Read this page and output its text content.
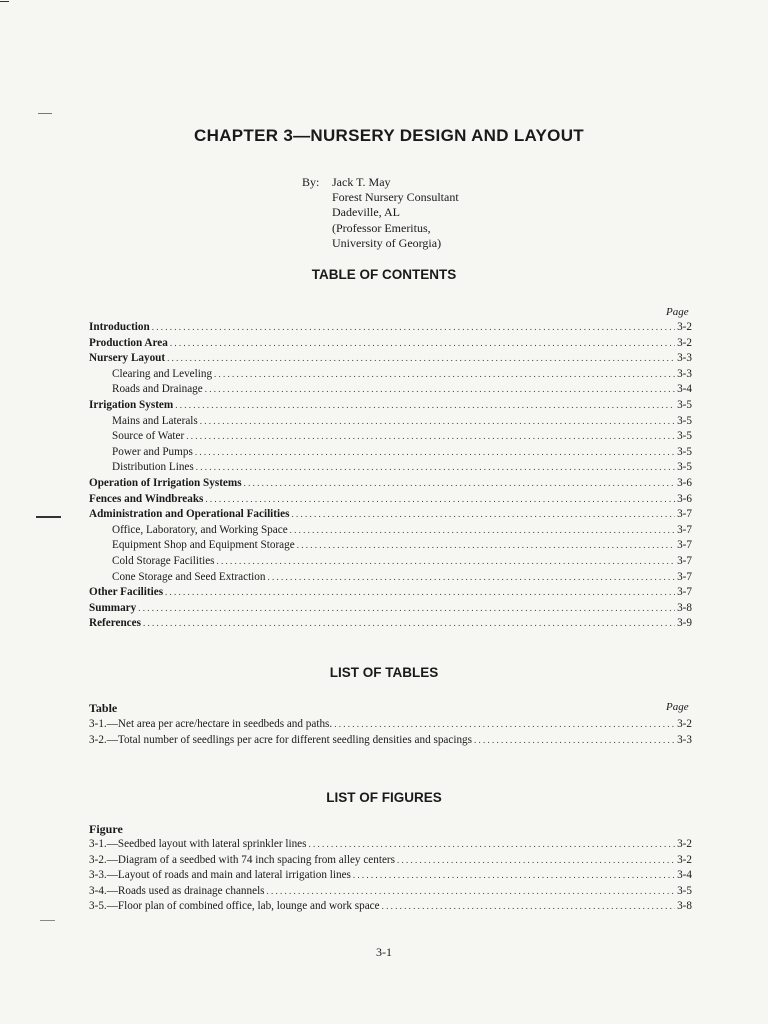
CHAPTER 3—NURSERY DESIGN AND LAYOUT
By:	Jack T. May
Forest Nursery Consultant
Dadeville, AL
(Professor Emeritus,
University of Georgia)
TABLE OF CONTENTS
Page
Introduction . . .	3-2
Production Area . . .	3-2
Nursery Layout . . .	3-3
Clearing and Leveling . . .	3-3
Roads and Drainage . . .	3-4
Irrigation System . . .	3-5
Mains and Laterals . . .	3-5
Source of Water . . .	3-5
Power and Pumps . . .	3-5
Distribution Lines . . .	3-5
Operation of Irrigation Systems . . .	3-6
Fences and Windbreaks . . .	3-6
Administration and Operational Facilities . . .	3-7
Office, Laboratory, and Working Space . . .	3-7
Equipment Shop and Equipment Storage . . .	3-7
Cold Storage Facilities . . .	3-7
Cone Storage and Seed Extraction . . .	3-7
Other Facilities . . .	3-7
Summary . . .	3-8
References . . .	3-9
LIST OF TABLES
Table	Page
3-1.—Net area per acre/hectare in seedbeds and paths. . . .	3-2
3-2.—Total number of seedlings per acre for different seedling densities and spacings . . .	3-3
LIST OF FIGURES
Figure
3-1.—Seedbed layout with lateral sprinkler lines . . .	3-2
3-2.—Diagram of a seedbed with 74 inch spacing from alley centers . . .	3-2
3-3.—Layout of roads and main and lateral irrigation lines . . .	3-4
3-4.—Roads used as drainage channels . . .	3-5
3-5.—Floor plan of combined office, lab, lounge and work space . . .	3-8
3-1
